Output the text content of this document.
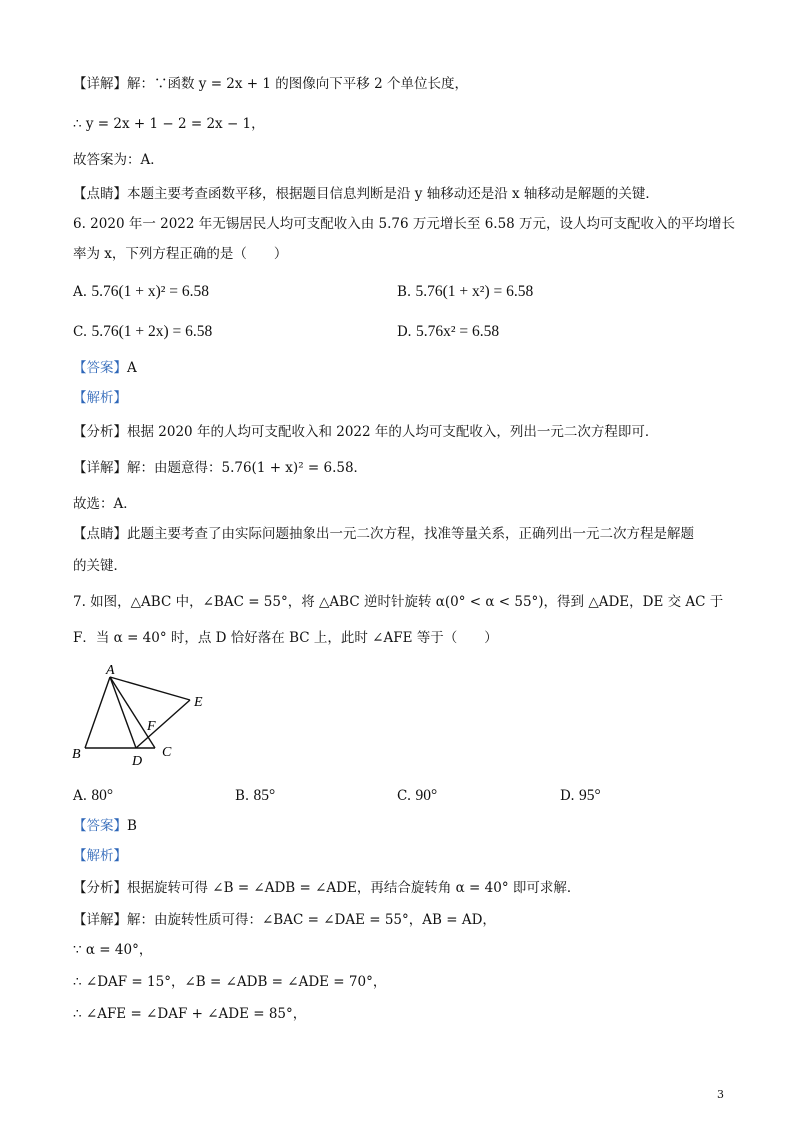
【详解】解：∵函数 y = 2x + 1 的图像向下平移 2 个单位长度，
∴ y = 2x + 1 − 2 = 2x − 1，
故答案为：A．
【点睛】本题主要考查函数平移，根据题目信息判断是沿 y 轴移动还是沿 x 轴移动是解题的关键．
6. 2020 年一 2022 年无锡居民人均可支配收入由 5.76 万元增长至 6.58 万元，设人均可支配收入的平均增长
率为 x，下列方程正确的是（　　）
A. 5.76(1 + x)² = 6.58	B. 5.76(1 + x²) = 6.58
C. 5.76(1 + 2x) = 6.58	D. 5.76x² = 6.58
【答案】A
【解析】
【分析】根据 2020 年的人均可支配收入和 2022 年的人均可支配收入，列出一元二次方程即可．
【详解】解：由题意得：5.76(1 + x)² = 6.58．
故选：A．
【点睛】此题主要考查了由实际问题抽象出一元二次方程，找准等量关系，正确列出一元二次方程是解题
的关键．
7. 如图，△ABC 中，∠BAC = 55°，将 △ABC 逆时针旋转 α(0° < α < 55°)，得到 △ADE，DE 交 AC 于
F．当 α = 40° 时，点 D 恰好落在 BC 上，此时 ∠AFE 等于（　　）
A
B	D
C
E
F
A. 80°	B. 85°	C. 90°	D. 95°
【答案】B
【解析】
【分析】根据旋转可得 ∠B = ∠ADB = ∠ADE，再结合旋转角 α = 40° 即可求解．
【详解】解：由旋转性质可得：∠BAC = ∠DAE = 55°，AB = AD，
∵ α = 40°，
∴ ∠DAF = 15°，∠B = ∠ADB = ∠ADE = 70°，
∴ ∠AFE = ∠DAF + ∠ADE = 85°，
3
